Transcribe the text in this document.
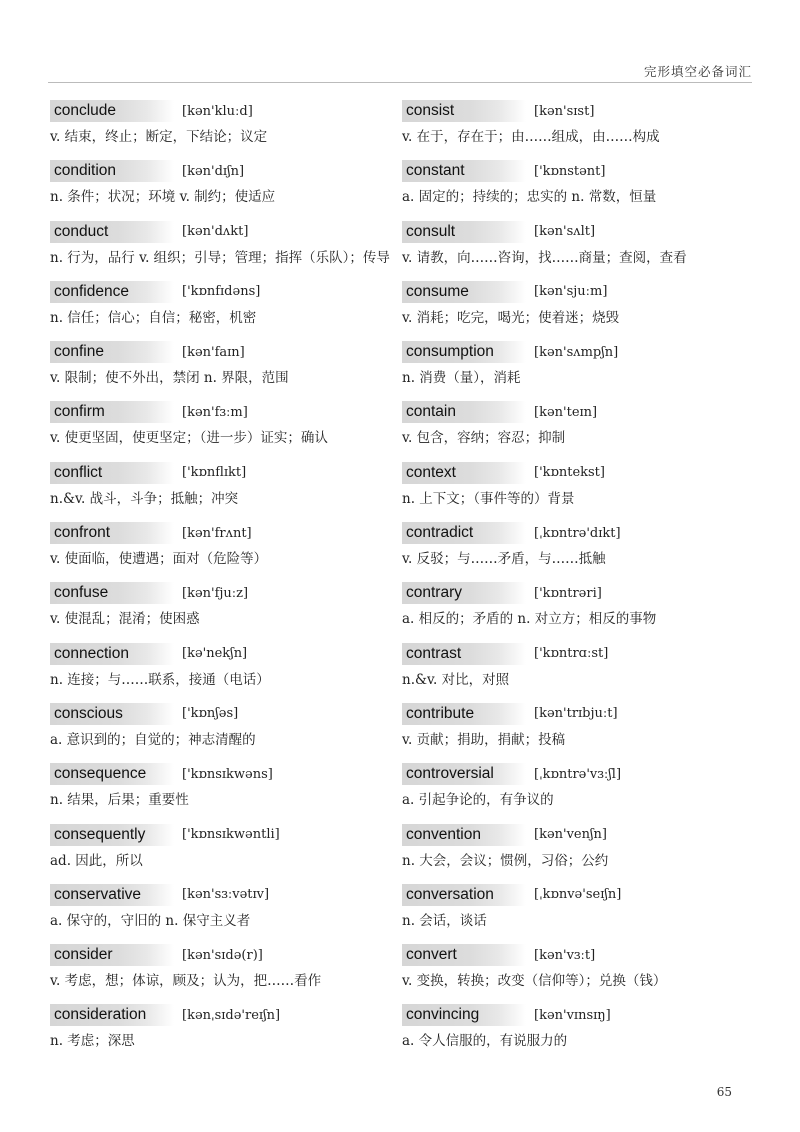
完形填空必备词汇
conclude	[kən'kluːd]
v. 结束，终止；断定，下结论；议定
condition	[kən'dɪʃn]
n. 条件；状况；环境 v. 制约；使适应
conduct	[kən'dʌkt]
n. 行为，品行 v. 组织；引导；管理；指挥（乐队）；传导
confidence	['kɒnfɪdəns]
n. 信任；信心；自信；秘密，机密
confine	[kən'faɪn]
v. 限制；使不外出，禁闭 n. 界限，范围
confirm	[kən'fɜːm]
v. 使更坚固，使更坚定；（进一步）证实；确认
conflict	['kɒnflɪkt]
n.&v. 战斗，斗争；抵触；冲突
confront	[kən'frʌnt]
v. 使面临，使遭遇；面对（危险等）
confuse	[kən'fjuːz]
v. 使混乱；混淆；使困惑
connection	[kə'nekʃn]
n. 连接；与……联系，接通（电话）
conscious	['kɒnʃəs]
a. 意识到的；自觉的；神志清醒的
consequence	['kɒnsɪkwəns]
n. 结果，后果；重要性
consequently	['kɒnsɪkwəntli]
ad. 因此，所以
conservative	[kən'sɜːvətɪv]
a. 保守的，守旧的 n. 保守主义者
consider	[kən'sɪdə(r)]
v. 考虑，想；体谅，顾及；认为，把……看作
consideration	[kənˌsɪdə'reɪʃn]
n. 考虑；深思
consist	[kən'sɪst]
v. 在于，存在于；由……组成，由……构成
constant	['kɒnstənt]
a. 固定的；持续的；忠实的 n. 常数，恒量
consult	[kən'sʌlt]
v. 请教，向……咨询，找……商量；查阅，查看
consume	[kən'sjuːm]
v. 消耗；吃完，喝光；使着迷；烧毁
consumption	[kən'sʌmpʃn]
n. 消费（量），消耗
contain	[kən'teɪn]
v. 包含，容纳；容忍；抑制
context	['kɒntekst]
n. 上下文；（事件等的）背景
contradict	[ˌkɒntrə'dɪkt]
v. 反驳；与……矛盾，与……抵触
contrary	['kɒntrəri]
a. 相反的；矛盾的 n. 对立方；相反的事物
contrast	['kɒntrɑːst]
n.&v. 对比，对照
contribute	[kən'trɪbjuːt]
v. 贡献；捐助，捐献；投稿
controversial	[ˌkɒntrə'vɜːʃl]
a. 引起争论的，有争议的
convention	[kən'venʃn]
n. 大会，会议；惯例，习俗；公约
conversation	[ˌkɒnvə'seɪʃn]
n. 会话，谈话
convert	[kən'vɜːt]
v. 变换，转换；改变（信仰等）；兑换（钱）
convincing	[kən'vɪnsɪŋ]
a. 令人信服的，有说服力的
65
